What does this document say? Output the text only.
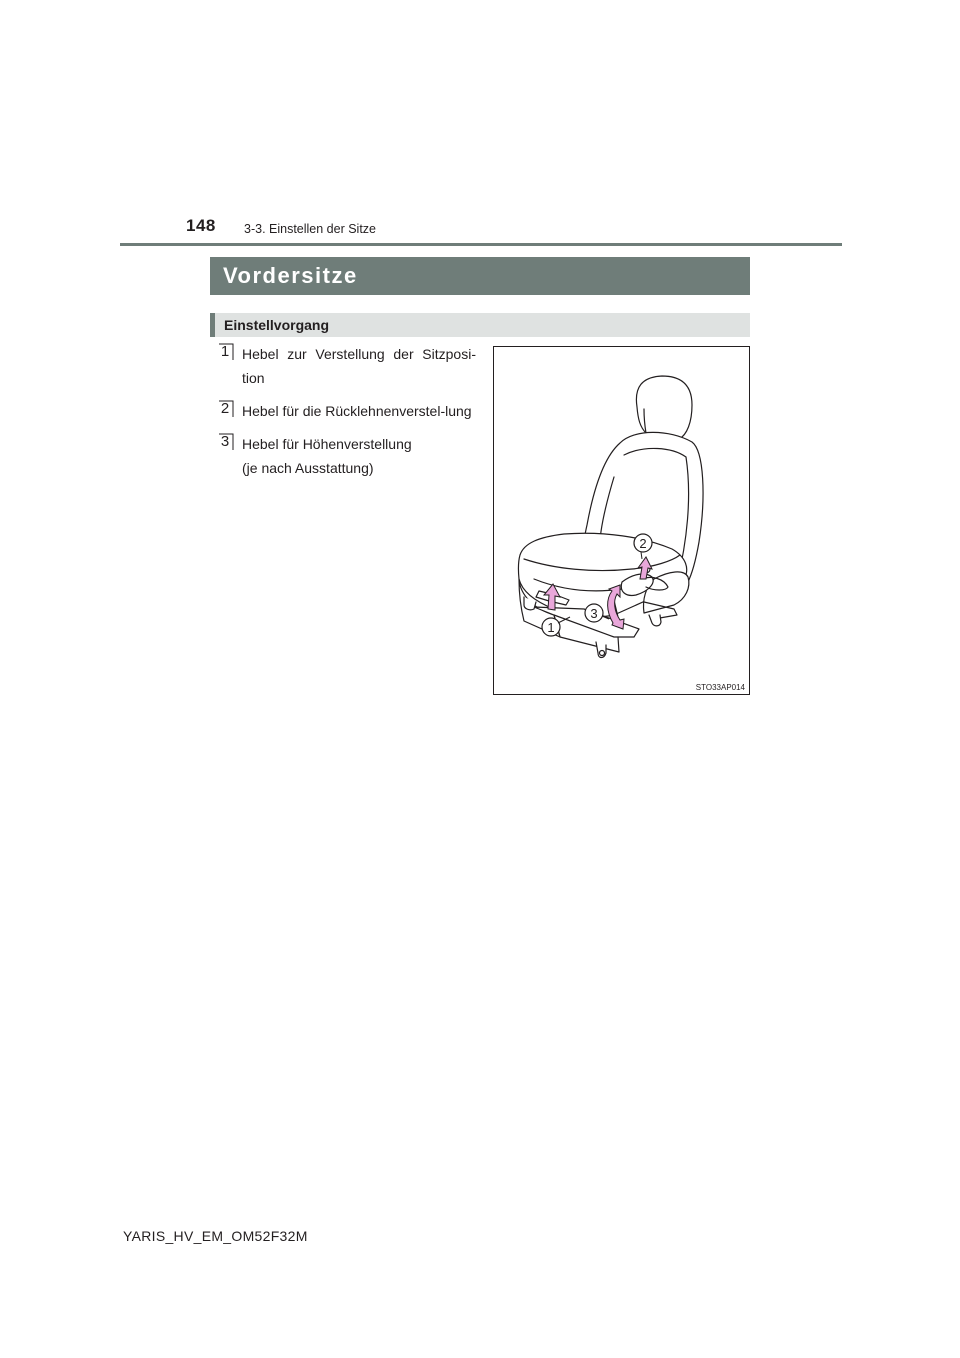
148 3-3. Einstellen der Sitze
Vordersitze
Einstellvorgang
1 Hebel zur Verstellung der Sitzposi-tion
2 Hebel für die Rücklehnenverstel-lung
3 Hebel für Höhenverstellung
(je nach Ausstattung)
2
3
1
STO33AP014
YARIS_HV_EM_OM52F32M
